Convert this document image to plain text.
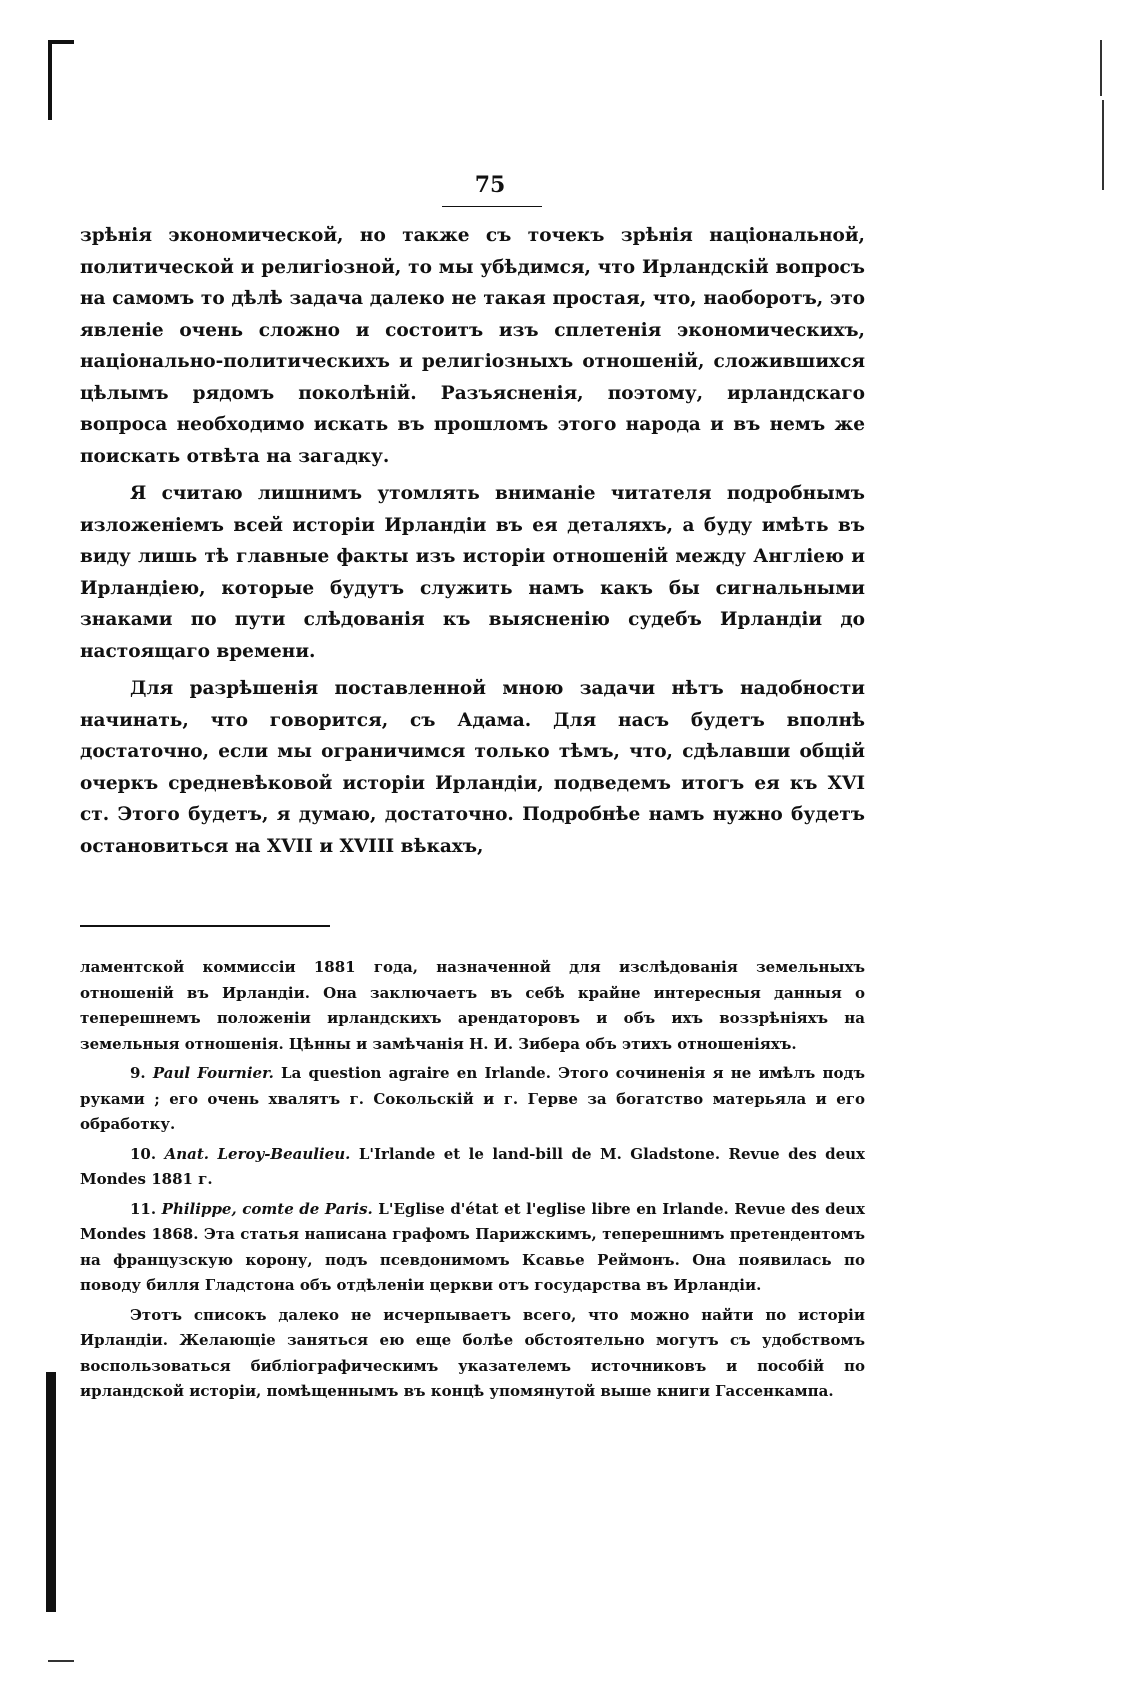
75

зрѣнія экономической, но также съ точекъ зрѣнія національной, политической и религіозной, то мы убѣдимся, что Ирландскій вопросъ на самомъ то дѣлѣ задача далеко не такая простая, что, наоборотъ, это явленіе очень сложно и состоитъ изъ сплетенія экономическихъ, національно-политическихъ и религіозныхъ отношеній, сложившихся цѣлымъ рядомъ поколѣній. Разъясненія, поэтому, ирландскаго вопроса необходимо искать въ прошломъ этого народа и въ немъ же поискать отвѣта на загадку.

Я считаю лишнимъ утомлять вниманіе читателя подробнымъ изложеніемъ всей исторіи Ирландіи въ ея деталяхъ, а буду имѣть въ виду лишь тѣ главные факты изъ исторіи отношеній между Англіею и Ирландіею, которые будутъ служить намъ какъ бы сигнальными знаками по пути слѣдованія къ выясненію судебъ Ирландіи до настоящаго времени.

Для разрѣшенія поставленной мною задачи нѣтъ надобности начинать, что говорится, съ Адама. Для насъ будетъ вполнѣ достаточно, если мы ограничимся только тѣмъ, что, сдѣлавши общій очеркъ средневѣковой исторіи Ирландіи, подведемъ итогъ ея къ XVI ст. Этого будетъ, я думаю, достаточно. Подробнѣе намъ нужно будетъ остановиться на XVII и XVIII вѣкахъ,

ламентской коммиссіи 1881 года, назначенной для изслѣдованія земельныхъ отношеній въ Ирландіи. Она заключаетъ въ себѣ крайне интересныя данныя о теперешнемъ положеніи ирландскихъ арендаторовъ и объ ихъ воззрѣніяхъ на земельныя отношенія. Цѣнны и замѣчанія Н. И. Зибера объ этихъ отношеніяхъ.

9. Paul Fournier. La question agraire en Irlande. Этого сочиненія я не имѣлъ подъ руками ; его очень хвалятъ г. Сокольскій и г. Герве за богатство матерьяла и его обработку.

10. Anat. Leroy-Beaulieu. L'Irlande et le land-bill de M. Gladstone. Revue des deux Mondes 1881 г.

11. Philippe, comte de Paris. L'Eglise d'état et l'eglise libre en Irlande. Revue des deux Mondes 1868. Эта статья написана графомъ Парижскимъ, теперешнимъ претендентомъ на французскую корону, подъ псевдонимомъ Ксавье Реймонъ. Она появилась по поводу билля Гладстона объ отдѣленіи церкви отъ государства въ Ирландіи.

Этотъ списокъ далеко не исчерпываетъ всего, что можно найти по исторіи Ирландіи. Желающіе заняться ею еще болѣе обстоятельно могутъ съ удобствомъ воспользоваться библіографическимъ указателемъ источниковъ и пособій по ирландской исторіи, помѣщеннымъ въ концѣ упомянутой выше книги Гассенкампа.
